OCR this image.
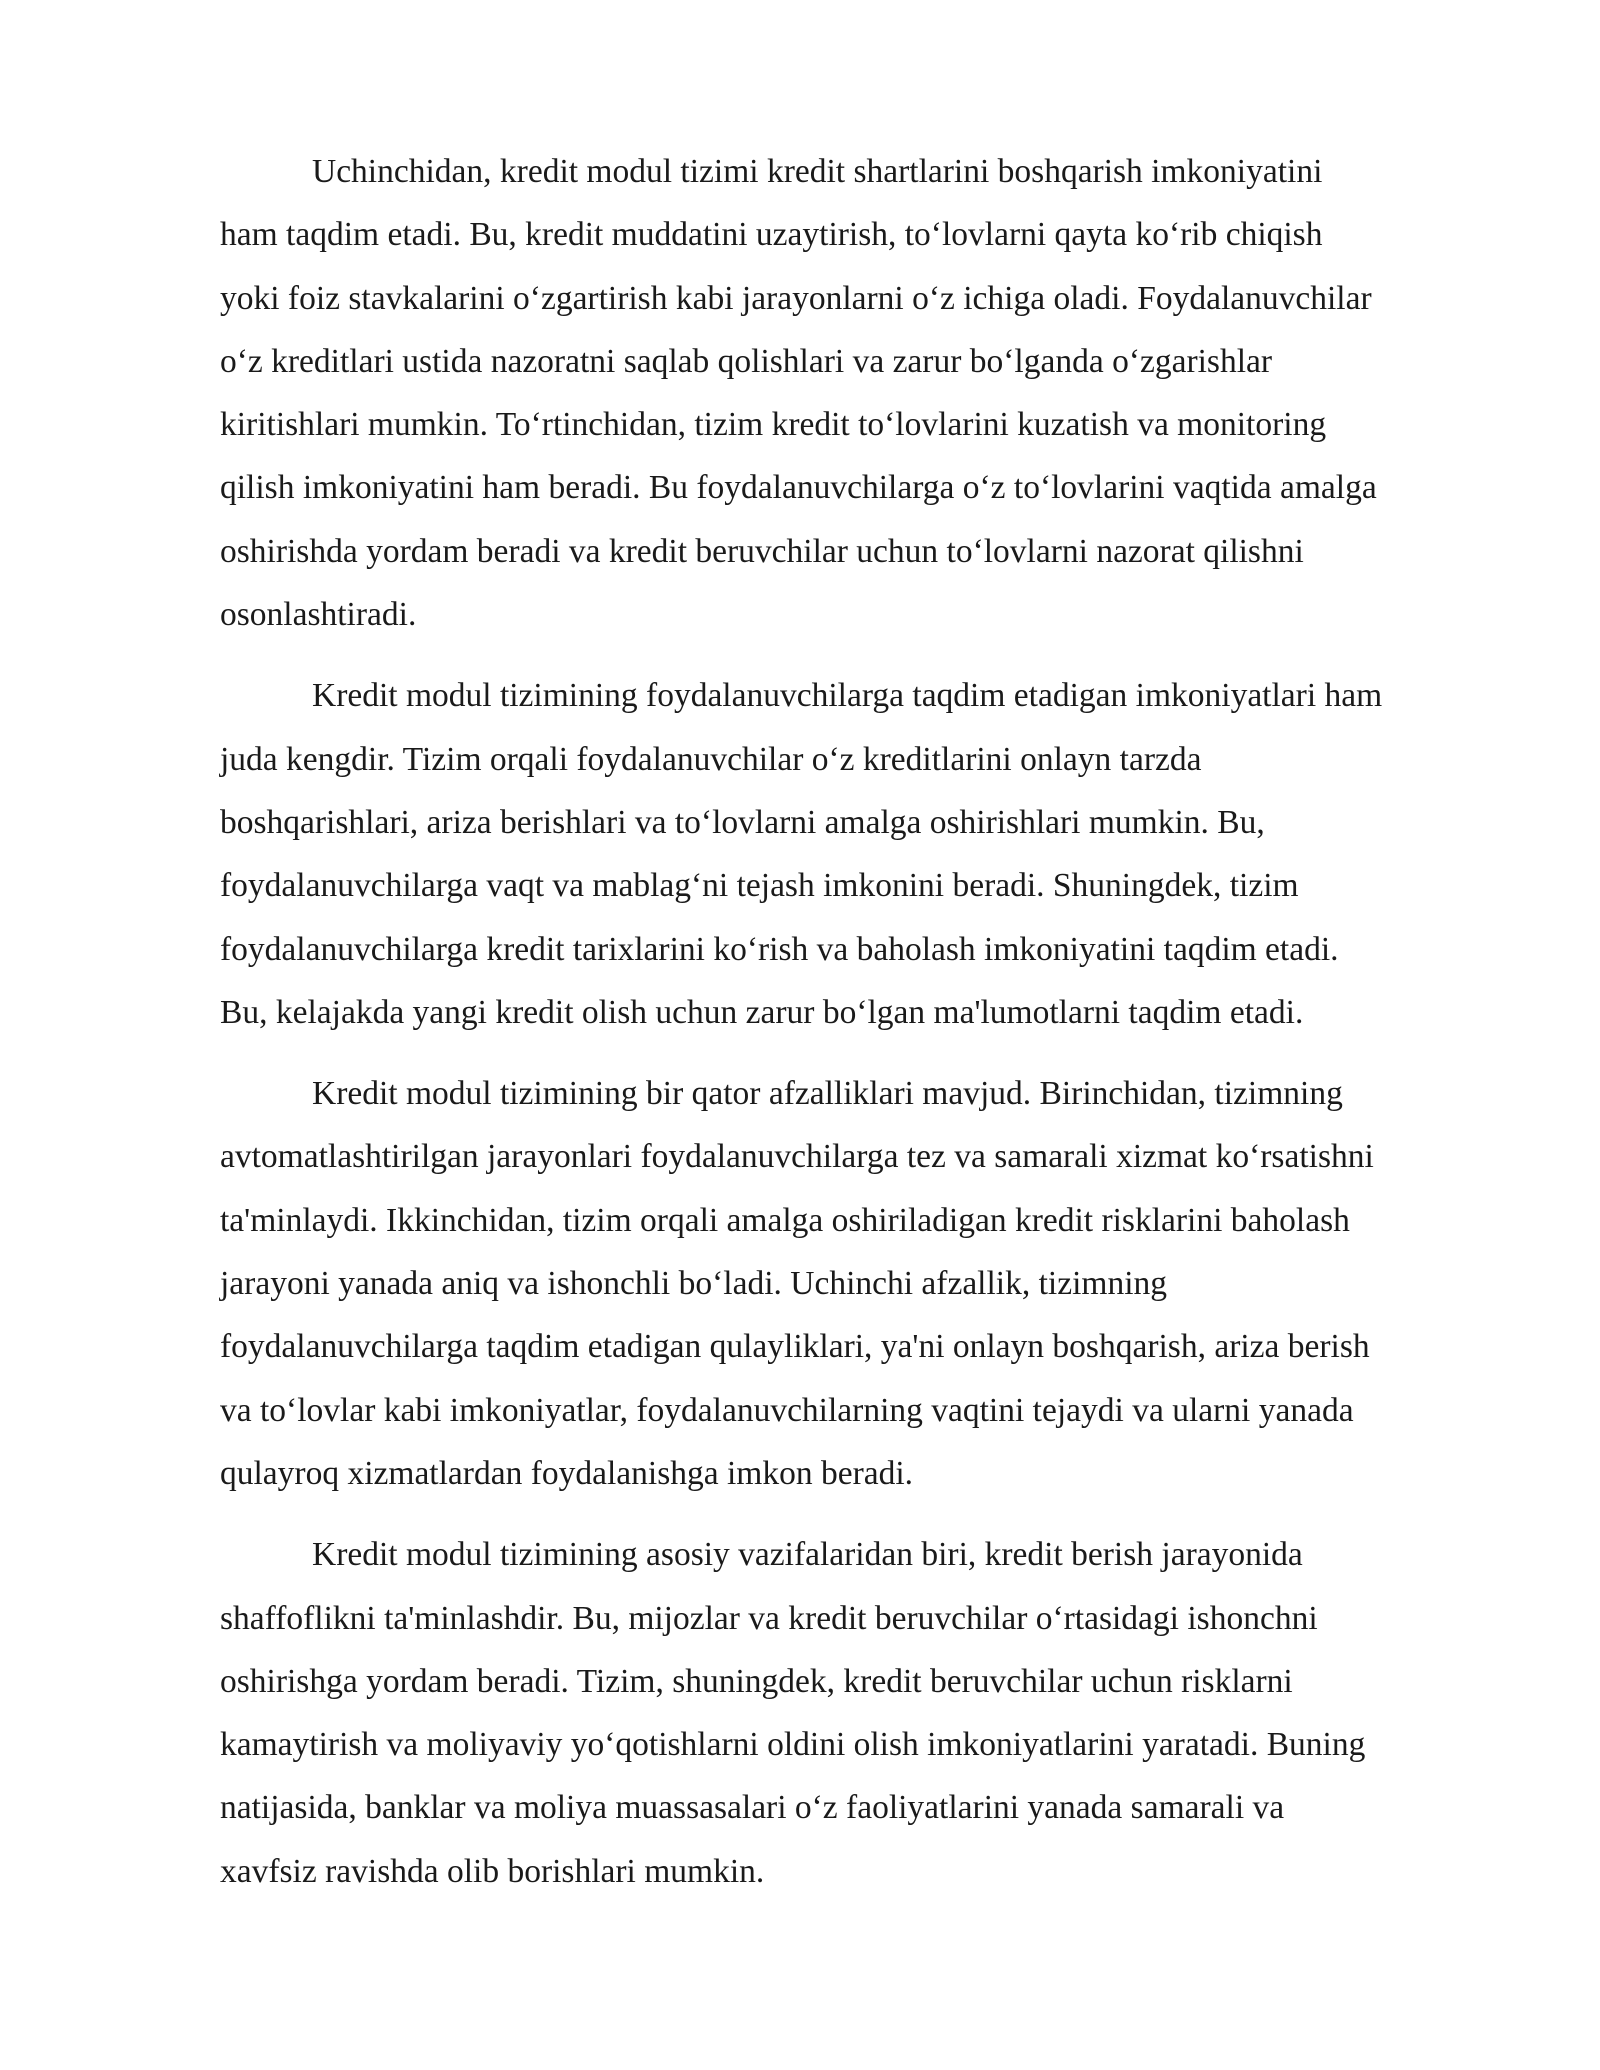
Uchinchidan, kredit modul tizimi kredit shartlarini boshqarish imkoniyatini
ham taqdim etadi. Bu, kredit muddatini uzaytirish, to‘lovlarni qayta ko‘rib chiqish
yoki foiz stavkalarini o‘zgartirish kabi jarayonlarni o‘z ichiga oladi. Foydalanuvchilar
o‘z kreditlari ustida nazoratni saqlab qolishlari va zarur bo‘lganda o‘zgarishlar
kiritishlari mumkin. To‘rtinchidan, tizim kredit to‘lovlarini kuzatish va monitoring
qilish imkoniyatini ham beradi. Bu foydalanuvchilarga o‘z to‘lovlarini vaqtida amalga
oshirishda yordam beradi va kredit beruvchilar uchun to‘lovlarni nazorat qilishni
osonlashtiradi.
Kredit modul tizimining foydalanuvchilarga taqdim etadigan imkoniyatlari ham
juda kengdir. Tizim orqali foydalanuvchilar o‘z kreditlarini onlayn tarzda
boshqarishlari, ariza berishlari va to‘lovlarni amalga oshirishlari mumkin. Bu,
foydalanuvchilarga vaqt va mablag‘ni tejash imkonini beradi. Shuningdek, tizim
foydalanuvchilarga kredit tarixlarini ko‘rish va baholash imkoniyatini taqdim etadi.
Bu, kelajakda yangi kredit olish uchun zarur bo‘lgan ma'lumotlarni taqdim etadi.
Kredit modul tizimining bir qator afzalliklari mavjud. Birinchidan, tizimning
avtomatlashtirilgan jarayonlari foydalanuvchilarga tez va samarali xizmat ko‘rsatishni
ta'minlaydi. Ikkinchidan, tizim orqali amalga oshiriladigan kredit risklarini baholash
jarayoni yanada aniq va ishonchli bo‘ladi. Uchinchi afzallik, tizimning
foydalanuvchilarga taqdim etadigan qulayliklari, ya'ni onlayn boshqarish, ariza berish
va to‘lovlar kabi imkoniyatlar, foydalanuvchilarning vaqtini tejaydi va ularni yanada
qulayroq xizmatlardan foydalanishga imkon beradi.
Kredit modul tizimining asosiy vazifalaridan biri, kredit berish jarayonida
shaffoflikni ta'minlashdir. Bu, mijozlar va kredit beruvchilar o‘rtasidagi ishonchni
oshirishga yordam beradi. Tizim, shuningdek, kredit beruvchilar uchun risklarni
kamaytirish va moliyaviy yo‘qotishlarni oldini olish imkoniyatlarini yaratadi. Buning
natijasida, banklar va moliya muassasalari o‘z faoliyatlarini yanada samarali va
xavfsiz ravishda olib borishlari mumkin.
